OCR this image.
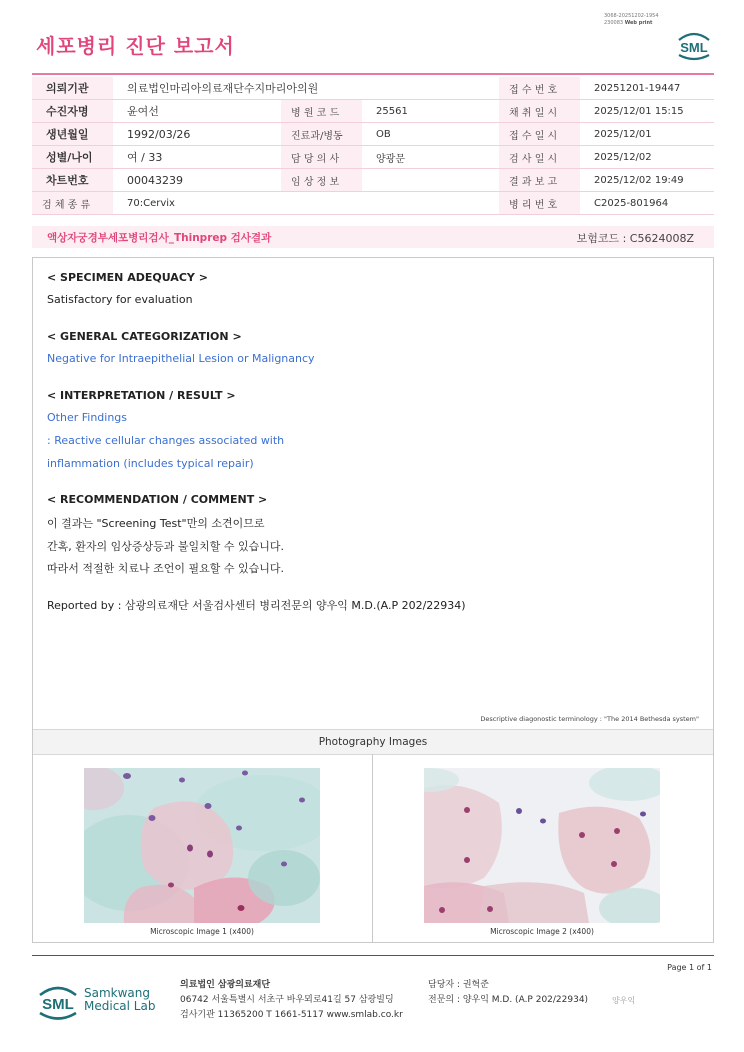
3068-20251202-1954
230083 Web print
세포병리 진단 보고서	SML
의뢰기관	의료법인마리아의료재단수지마리아의원			접 수 번 호	20251201-19447
수진자명	윤여선	병 원 코 드	25561	채 취 일 시	2025/12/01 15:15
생년월일	1992/03/26	진료과/병동	OB	접 수 일 시	2025/12/01
성별/나이	여 / 33	담 당 의 사	양광문	검 사 일 시	2025/12/02
차트번호	00043239	임 상 정 보		결 과 보 고	2025/12/02 19:49
검 체 종 류	70:Cervix			병 리 번 호	C2025-801964
액상자궁경부세포병리검사_Thinprep 검사결과	보험코드 : C5624008Z
< SPECIMEN ADEQUACY >
Satisfactory for evaluation
< GENERAL CATEGORIZATION >
Negative for Intraepithelial Lesion or Malignancy
< INTERPRETATION / RESULT >
Other Findings
: Reactive cellular changes associated with
inflammation (includes typical repair)
< RECOMMENDATION / COMMENT >
이 결과는 "Screening Test"만의 소견이므로
간혹, 환자의 임상증상등과 불일치할 수 있습니다.
따라서 적절한 치료나 조언이 필요할 수 있습니다.
Reported by : 삼광의료재단 서울검사센터 병리전문의 양우익 M.D.(A.P 202/22934)
Descriptive diagonostic terminology : "The 2014 Bethesda system"
Photography Images
Microscopic Image 1 (x400)	Microscopic Image 2 (x400)
Page 1 of 1
SML
Samkwang
Medical Lab
의료법인 삼광의료재단
06742 서울특별시 서초구 바우뫼로41길 57 삼광빌딩
검사기관 11365200 T 1661-5117 www.smlab.co.kr
담당자 : 권혁준
전문의 : 양우익 M.D. (A.P 202/22934)	양우익
